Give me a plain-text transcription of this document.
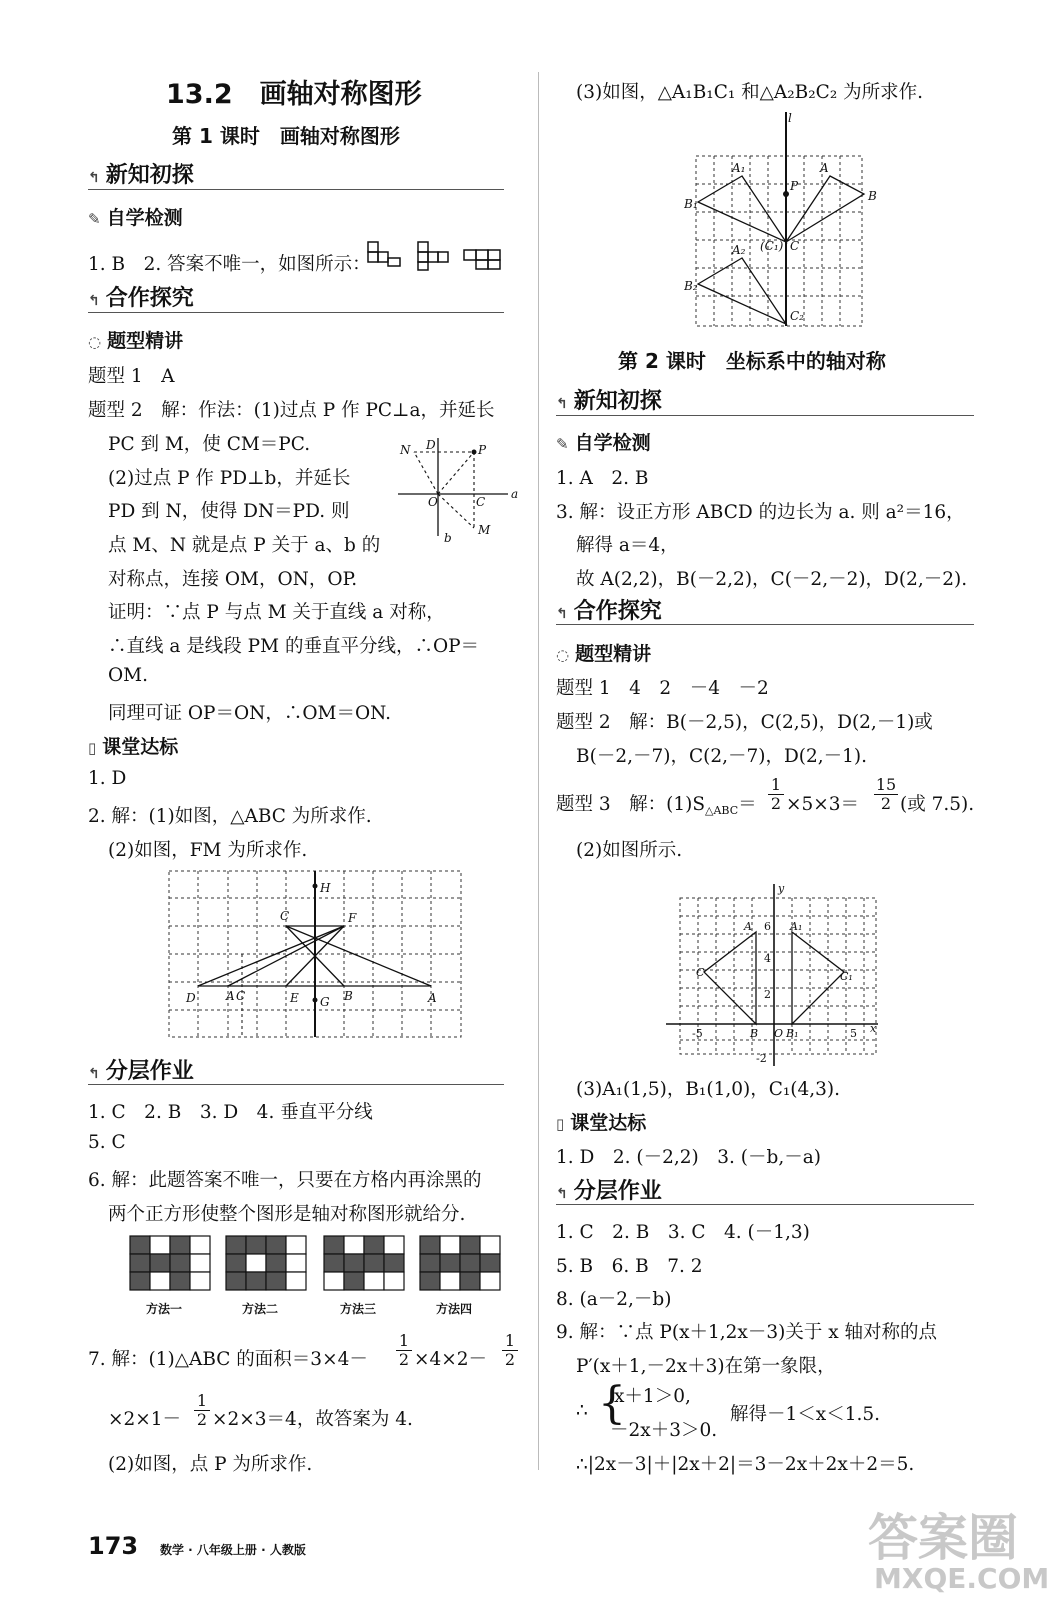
13.2　画轴对称图形
第 1 课时　画轴对称图形
↰ 新知初探
✎ 自学检测
1. B　2. 答案不唯一，如图所示：
↰ 合作探究
◌ 题型精讲
题型 1　A
题型 2　解：作法：(1)过点 P 作 PC⊥a，并延长
PC 到 M，使 CM＝PC.
(2)过点 P 作 PD⊥b，并延长
PD 到 N，使得 DN＝PD. 则
点 M、N 就是点 P 关于 a、b 的
对称点，连接 OM，ON，OP.
证明：∵点 P 与点 M 关于直线 a 对称，
∴直线 a 是线段 PM 的垂直平分线，∴OP＝
OM.
同理可证 OP＝ON，∴OM＝ON.
N D	P
O	C
a
b
M
▯ 课堂达标
1. D
2. 解：(1)如图，△ABC 为所求作.
(2)如图，FM 为所求作.
H
C	F
D	A C	E G B	A
↰ 分层作业
1. C　2. B　3. D　4. 垂直平分线
5. C
6. 解：此题答案不唯一，只要在方格内再涂黑的
两个正方形使整个图形是轴对称图形就给分.
方法一	方法二	方法三	方法四
7. 解：(1)△ABC 的面积$=3\times 4- \frac{1}{2} \times 4\times 2- \frac{1}{2}$
$\times 2\times 1- \frac{1}{2} \times 2\times 3=4$，故答案为 4.
(2)如图，点 P 为所求作.
(3)如图，△A₁B₁C₁ 和△A₂B₂C₂ 为所求作.
l
A₁	A
P
B₁
B
(C₁) C
A₂
B₂
C₂
第 2 课时　坐标系中的轴对称
↰ 新知初探
✎ 自学检测
1. A　2. B
3. 解：设正方形 ABCD 的边长为 a. 则 a²＝16，
解得 a＝4，
故 A(2,2)，B(－2,2)，C(－2,－2)，D(2,－2).
↰ 合作探究
◌ 题型精讲
题型 1　4　2　－4　－2
题型 2　解：B(－2,5)，C(2,5)，D(2,－1)或
B(－2,－7)，C(2,－7)，D(2,－1).
题型 3　解：$(1)S_{\triangle ABC}= \frac{1}{2} \times 5\times 3= \frac{15}{2}$ (或 7.5).
(2)如图所示.
A 6 A₁
C
4
C₁
2
-5	B O B₁	5 x
-2
y
(3)A₁(1,5)，B₁(1,0)，C₁(4,3).
▯ 课堂达标
1. D　2. (－2,2)　3. (－b,－a)
↰ 分层作业
1. C　2. B　3. C　4. (－1,3)
5. B　6. B　7. 2
8. (a－2,－b)
9. 解：∵点 P(x＋1,2x－3)关于 x 轴对称的点
P′(x＋1,－2x＋3)在第一象限，
∴ {
x＋1＞0,
－2x＋3＞0.
解得－1＜x＜1.5.
∴|2x－3|＋|2x＋2|＝3－2x＋2x＋2＝5.
173 数学 · 八年级上册 · 人教版	答案圈
MXQE.COM
